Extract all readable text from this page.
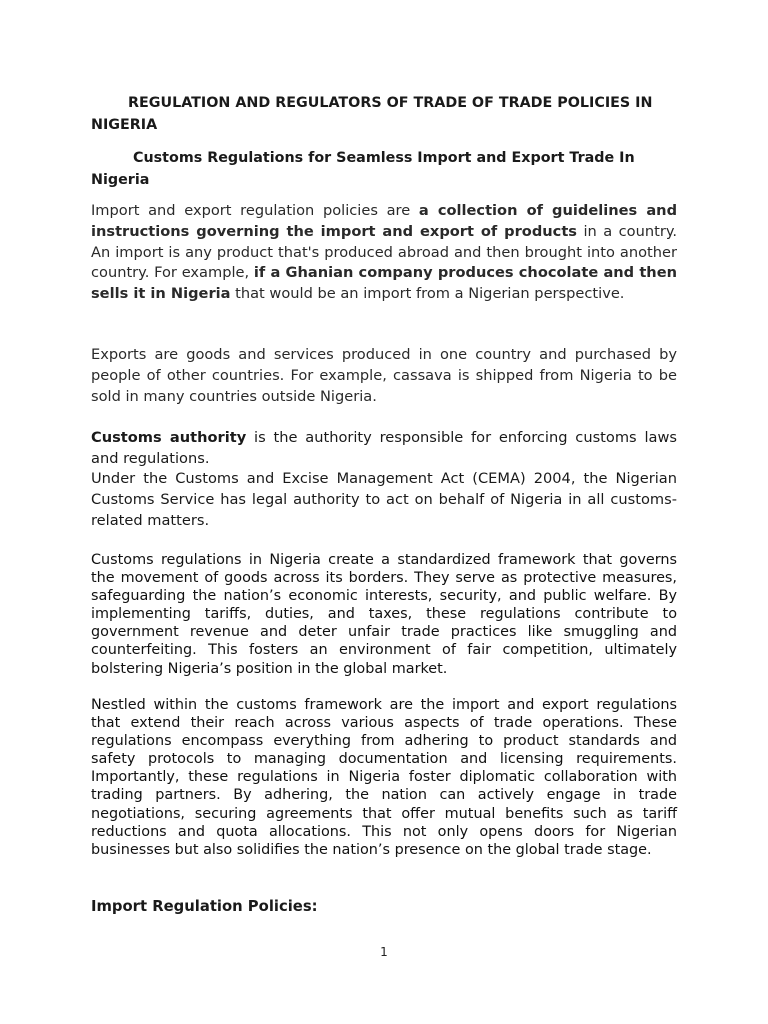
REGULATION AND REGULATORS OF TRADE OF TRADE POLICIES IN NIGERIA
Customs Regulations for Seamless Import and Export Trade In Nigeria

Import and export regulation policies are a collection of guidelines and instructions governing the import and export of products in a country. An import is any product that's produced abroad and then brought into another country. For example, if a Ghanian company produces chocolate and then sells it in Nigeria that would be an import from a Nigerian perspective.

Exports are goods and services produced in one country and purchased by people of other countries. For example, cassava is shipped from Nigeria to be sold in many countries outside Nigeria.

Customs authority is the authority responsible for enforcing customs laws and regulations.

Under the Customs and Excise Management Act (CEMA) 2004, the Nigerian Customs Service has legal authority to act on behalf of Nigeria in all customs-related matters.

Customs regulations in Nigeria create a standardized framework that governs the movement of goods across its borders. They serve as protective measures, safeguarding the nation’s economic interests, security, and public welfare. By implementing tariffs, duties, and taxes, these regulations contribute to government revenue and deter unfair trade practices like smuggling and counterfeiting. This fosters an environment of fair competition, ultimately bolstering Nigeria’s position in the global market.

Nestled within the customs framework are the import and export regulations that extend their reach across various aspects of trade operations. These regulations encompass everything from adhering to product standards and safety protocols to managing documentation and licensing requirements. Importantly, these regulations in Nigeria foster diplomatic collaboration with trading partners. By adhering, the nation can actively engage in trade negotiations, securing agreements that offer mutual benefits such as tariff reductions and quota allocations. This not only opens doors for Nigerian businesses but also solidifies the nation’s presence on the global trade stage.

Import Regulation Policies:
1
